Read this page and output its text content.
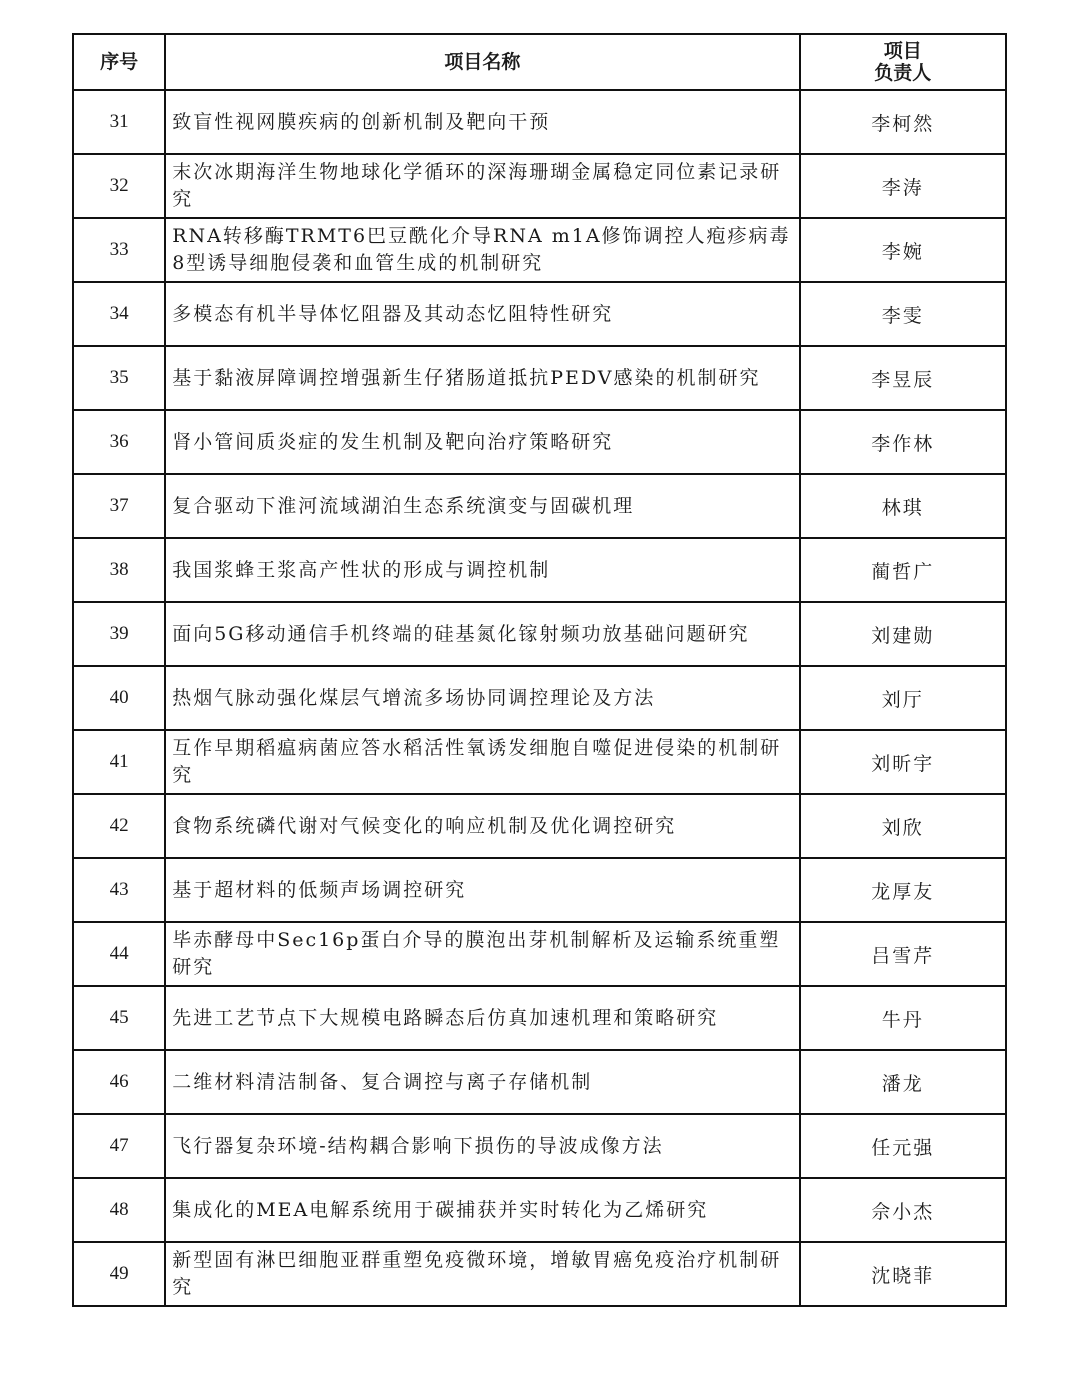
序号	项目名称	项目
负责人

31	致盲性视网膜疾病的创新机制及靶向干预	李柯然
32	末次冰期海洋生物地球化学循环的深海珊瑚金属稳定同位素记录研究	李涛
33	RNA转移酶TRMT6巴豆酰化介导RNA m1A修饰调控人疱疹病毒8型诱导细胞侵袭和血管生成的机制研究	李婉
34	多模态有机半导体忆阻器及其动态忆阻特性研究	李雯
35	基于黏液屏障调控增强新生仔猪肠道抵抗PEDV感染的机制研究	李昱辰
36	肾小管间质炎症的发生机制及靶向治疗策略研究	李作林
37	复合驱动下淮河流域湖泊生态系统演变与固碳机理	林琪
38	我国浆蜂王浆高产性状的形成与调控机制	蔺哲广
39	面向5G移动通信手机终端的硅基氮化镓射频功放基础问题研究	刘建勋
40	热烟气脉动强化煤层气增流多场协同调控理论及方法	刘厅
41	互作早期稻瘟病菌应答水稻活性氧诱发细胞自噬促进侵染的机制研究	刘昕宇
42	食物系统磷代谢对气候变化的响应机制及优化调控研究	刘欣
43	基于超材料的低频声场调控研究	龙厚友
44	毕赤酵母中Sec16p蛋白介导的膜泡出芽机制解析及运输系统重塑研究	吕雪芹
45	先进工艺节点下大规模电路瞬态后仿真加速机理和策略研究	牛丹
46	二维材料清洁制备、复合调控与离子存储机制	潘龙
47	飞行器复杂环境-结构耦合影响下损伤的导波成像方法	任元强
48	集成化的MEA电解系统用于碳捕获并实时转化为乙烯研究	佘小杰
49	新型固有淋巴细胞亚群重塑免疫微环境，增敏胃癌免疫治疗机制研究	沈晓菲
